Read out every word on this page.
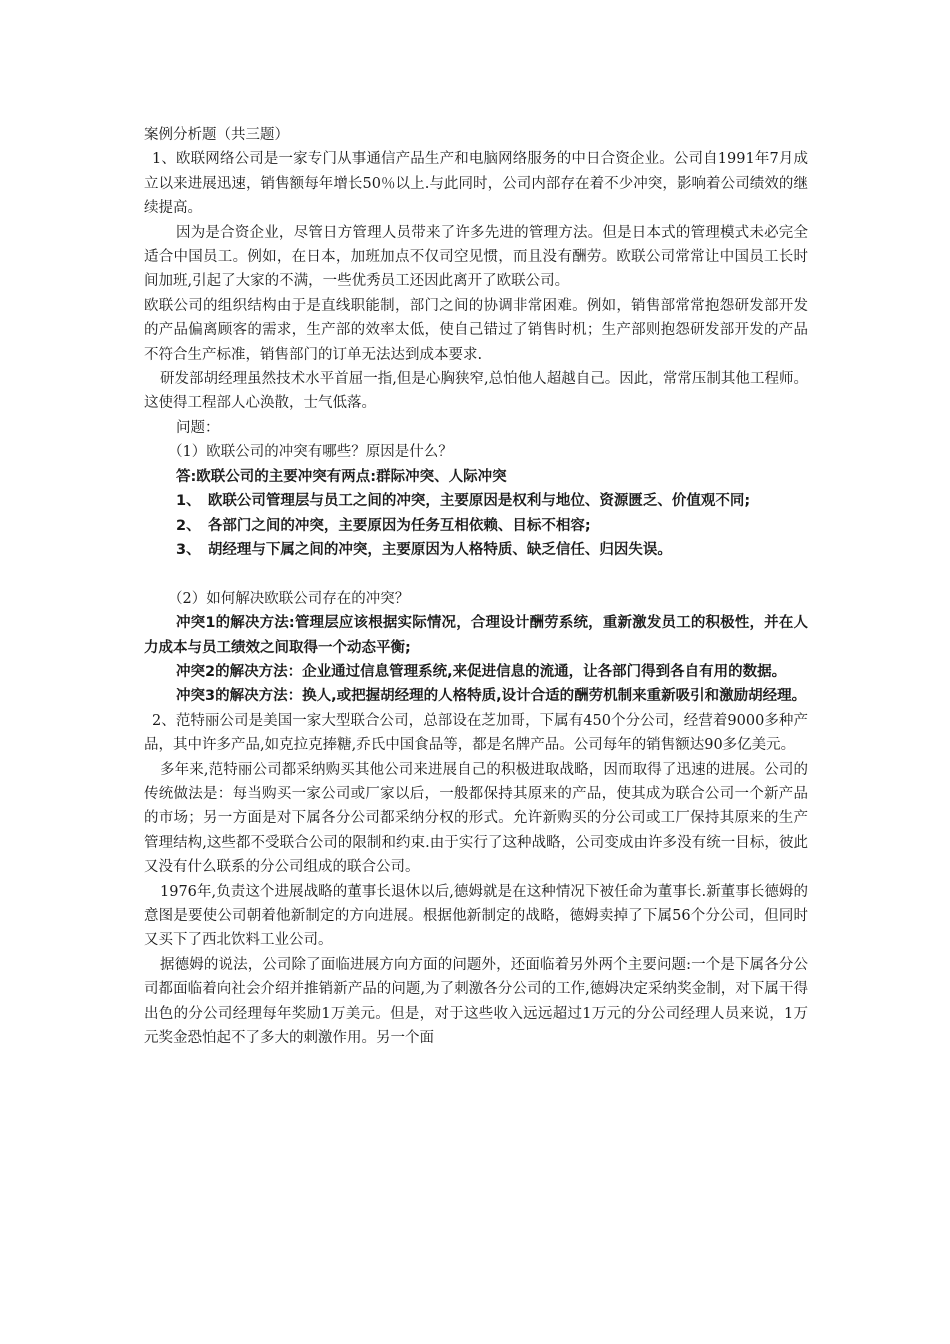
案例分析题（共三题）

1、欧联网络公司是一家专门从事通信产品生产和电脑网络服务的中日合资企业。公司自1991年7月成立以来进展迅速，销售额每年增长50％以上.与此同时，公司内部存在着不少冲突，影响着公司绩效的继续提高。

因为是合资企业，尽管日方管理人员带来了许多先进的管理方法。但是日本式的管理模式未必完全适合中国员工。例如，在日本，加班加点不仅司空见惯，而且没有酬劳。欧联公司常常让中国员工长时间加班,引起了大家的不满，一些优秀员工还因此离开了欧联公司。

欧联公司的组织结构由于是直线职能制，部门之间的协调非常困难。例如，销售部常常抱怨研发部开发的产品偏离顾客的需求，生产部的效率太低，使自己错过了销售时机；生产部则抱怨研发部开发的产品不符合生产标准，销售部门的订单无法达到成本要求.

研发部胡经理虽然技术水平首屈一指,但是心胸狭窄,总怕他人超越自己。因此，常常压制其他工程师。这使得工程部人心涣散，士气低落。

问题：

（1）欧联公司的冲突有哪些？原因是什么？

答:欧联公司的主要冲突有两点:群际冲突、人际冲突

1、　欧联公司管理层与员工之间的冲突，主要原因是权利与地位、资源匮乏、价值观不同;

2、　各部门之间的冲突，主要原因为任务互相依赖、目标不相容;

3、　胡经理与下属之间的冲突，主要原因为人格特质、缺乏信任、归因失误。

（2）如何解决欧联公司存在的冲突？

冲突1的解决方法:管理层应该根据实际情况，合理设计酬劳系统，重新激发员工的积极性，并在人力成本与员工绩效之间取得一个动态平衡;

冲突2的解决方法：企业通过信息管理系统,来促进信息的流通，让各部门得到各自有用的数据。

冲突3的解决方法：换人,或把握胡经理的人格特质,设计合适的酬劳机制来重新吸引和激励胡经理。

2、范特丽公司是美国一家大型联合公司，总部设在芝加哥，下属有450个分公司，经营着9000多种产品，其中许多产品,如克拉克捧糖,乔氏中国食品等，都是名牌产品。公司每年的销售额达90多亿美元。

多年来,范特丽公司都采纳购买其他公司来进展自己的积极进取战略，因而取得了迅速的进展。公司的传统做法是：每当购买一家公司或厂家以后，一般都保持其原来的产品，使其成为联合公司一个新产品的市场；另一方面是对下属各分公司都采纳分权的形式。允许新购买的分公司或工厂保持其原来的生产管理结构,这些都不受联合公司的限制和约束.由于实行了这种战略，公司变成由许多没有统一目标，彼此又没有什么联系的分公司组成的联合公司。

1976年,负责这个进展战略的董事长退休以后,德姆就是在这种情况下被任命为董事长.新董事长德姆的意图是要使公司朝着他新制定的方向进展。根据他新制定的战略，德姆卖掉了下属56个分公司，但同时又买下了西北饮料工业公司。

据德姆的说法，公司除了面临进展方向方面的问题外，还面临着另外两个主要问题:一个是下属各分公司都面临着向社会介绍并推销新产品的问题,为了刺激各分公司的工作,德姆决定采纳奖金制，对下属干得出色的分公司经理每年奖励1万美元。但是，对于这些收入远远超过1万元的分公司经理人员来说，1万元奖金恐怕起不了多大的刺激作用。另一个面
